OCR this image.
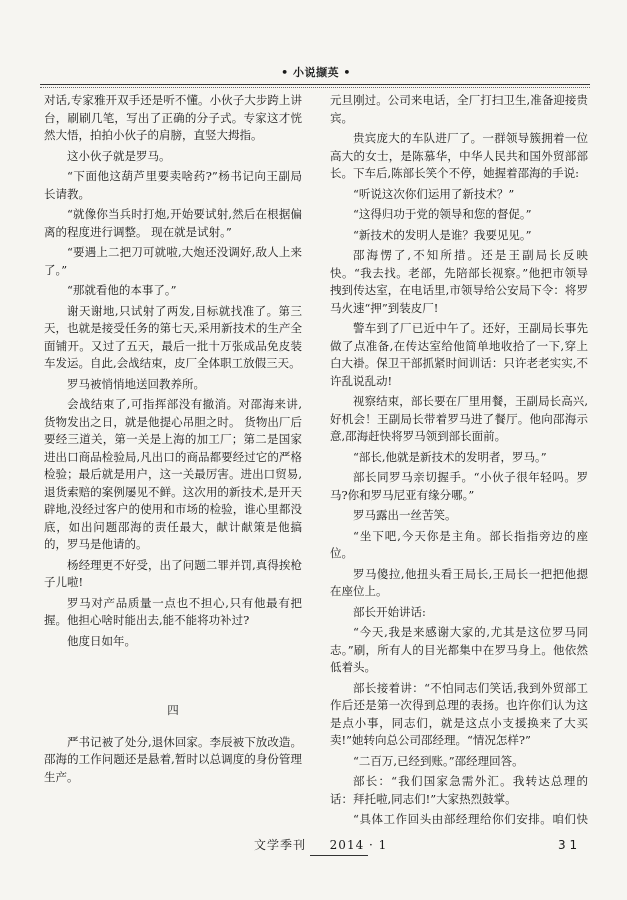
• 小说撷英 •

对话,专家雅开双手还是听不懂。小伙子大步跨上讲台，刷刷几笔，写出了正确的分子式。专家这才恍然大悟，拍拍小伙子的肩膀，直竖大拇指。

这小伙子就是罗马。

“下面他这葫芦里要卖啥药?”杨书记向王副局长请教。

“就像你当兵时打炮,开始要试射,然后在根据偏离的程度进行调整。 现在就是试射。”

“要遇上二把刀可就啦,大炮还没调好,敌人上来了。”

“那就看他的本事了。”

谢天谢地,只试射了两发,目标就找准了。第三天，也就是接受任务的第七天,采用新技术的生产全面铺开。又过了五天，最后一批十万张成品免皮装车发运。自此,会战结束，皮厂全体职工放假三天。

罗马被悄悄地送回教养所。

会战结束了,可指挥部没有撤消。对邵海来讲,货物发出之日，就是他提心吊胆之时。 货物出厂后要经三道关，第一关是上海的加工厂；第二是国家进出口商品检验局,凡出口的商品都要经过它的严格检验；最后就是用户，这一关最厉害。进出口贸易,退货索赔的案例屡见不鲜。这次用的新技术,是开天辟地,没经过客户的使用和市场的检验，谁心里都没底，如出问题邵海的责任最大，献计献策是他搞的，罗马是他请的。

杨经理更不好受，出了问题二罪并罚,真得挨枪子儿啦!

罗马对产品质量一点也不担心,只有他最有把握。他担心啥时能出去,能不能将功补过?

他度日如年。

四

严书记被了处分,退休回家。李辰被下放改造。邵海的工作问题还是悬着,暂时以总调度的身份管理生产。

元旦刚过。公司来电话，全厂打扫卫生,准备迎接贵宾。

贵宾庞大的车队进厂了。一群领导簇拥着一位高大的女士，是陈慕华，中华人民共和国外贸部部长。下车后,陈部长笑个不停，她握着邵海的手说:

“听说这次你们运用了新技术？”

“这得归功于党的领导和您的督促。”

“新技术的发明人是谁？我要见见。”

邵海愣了,不知所措。还是王副局长反映快。“我去找。老部，先陪部长视察。”他把市领导拽到传达室，在电话里,市领导给公安局下令：将罗马火速“押”到装皮厂!

警车到了厂已近中午了。还好，王副局长事先做了点准备,在传达室给他简单地收拾了一下,穿上白大褂。保卫干部抓紧时间训话：只许老老实实,不许乱说乱动!

视察结束，部长要在厂里用餐，王副局长高兴,好机会！王副局长带着罗马进了餐厅。他向邵海示意,邵海赶快将罗马领到部长面前。

“部长,他就是新技术的发明者，罗马。”

部长同罗马亲切握手。“小伙子很年轻吗。罗马?你和罗马尼亚有缘分哪。”

罗马露出一丝苦笑。

“坐下吧,今天你是主角。部长指指旁边的座位。

罗马傻拉,他扭头看王局长,王局长一把把他摁在座位上。

部长开始讲话:

“今天,我是来感谢大家的,尤其是这位罗马同志。”刷，所有人的目光都集中在罗马身上。他依然低着头。

部长接着讲：“不怕同志们笑话,我到外贸部工作后还是第一次得到总理的表扬。也许你们认为这是点小事，同志们，就是这点小支援换来了大买卖!”她转向总公司邵经理。“情况怎样?”

“二百万,已经到账。”邵经理回答。

部长：“我们国家急需外汇。我转达总理的话：拜托啦,同志们!”大家热烈鼓掌。

“具体工作回头由部经理给你们安排。咱们快

文学季刊 2014 · 1	3 1
